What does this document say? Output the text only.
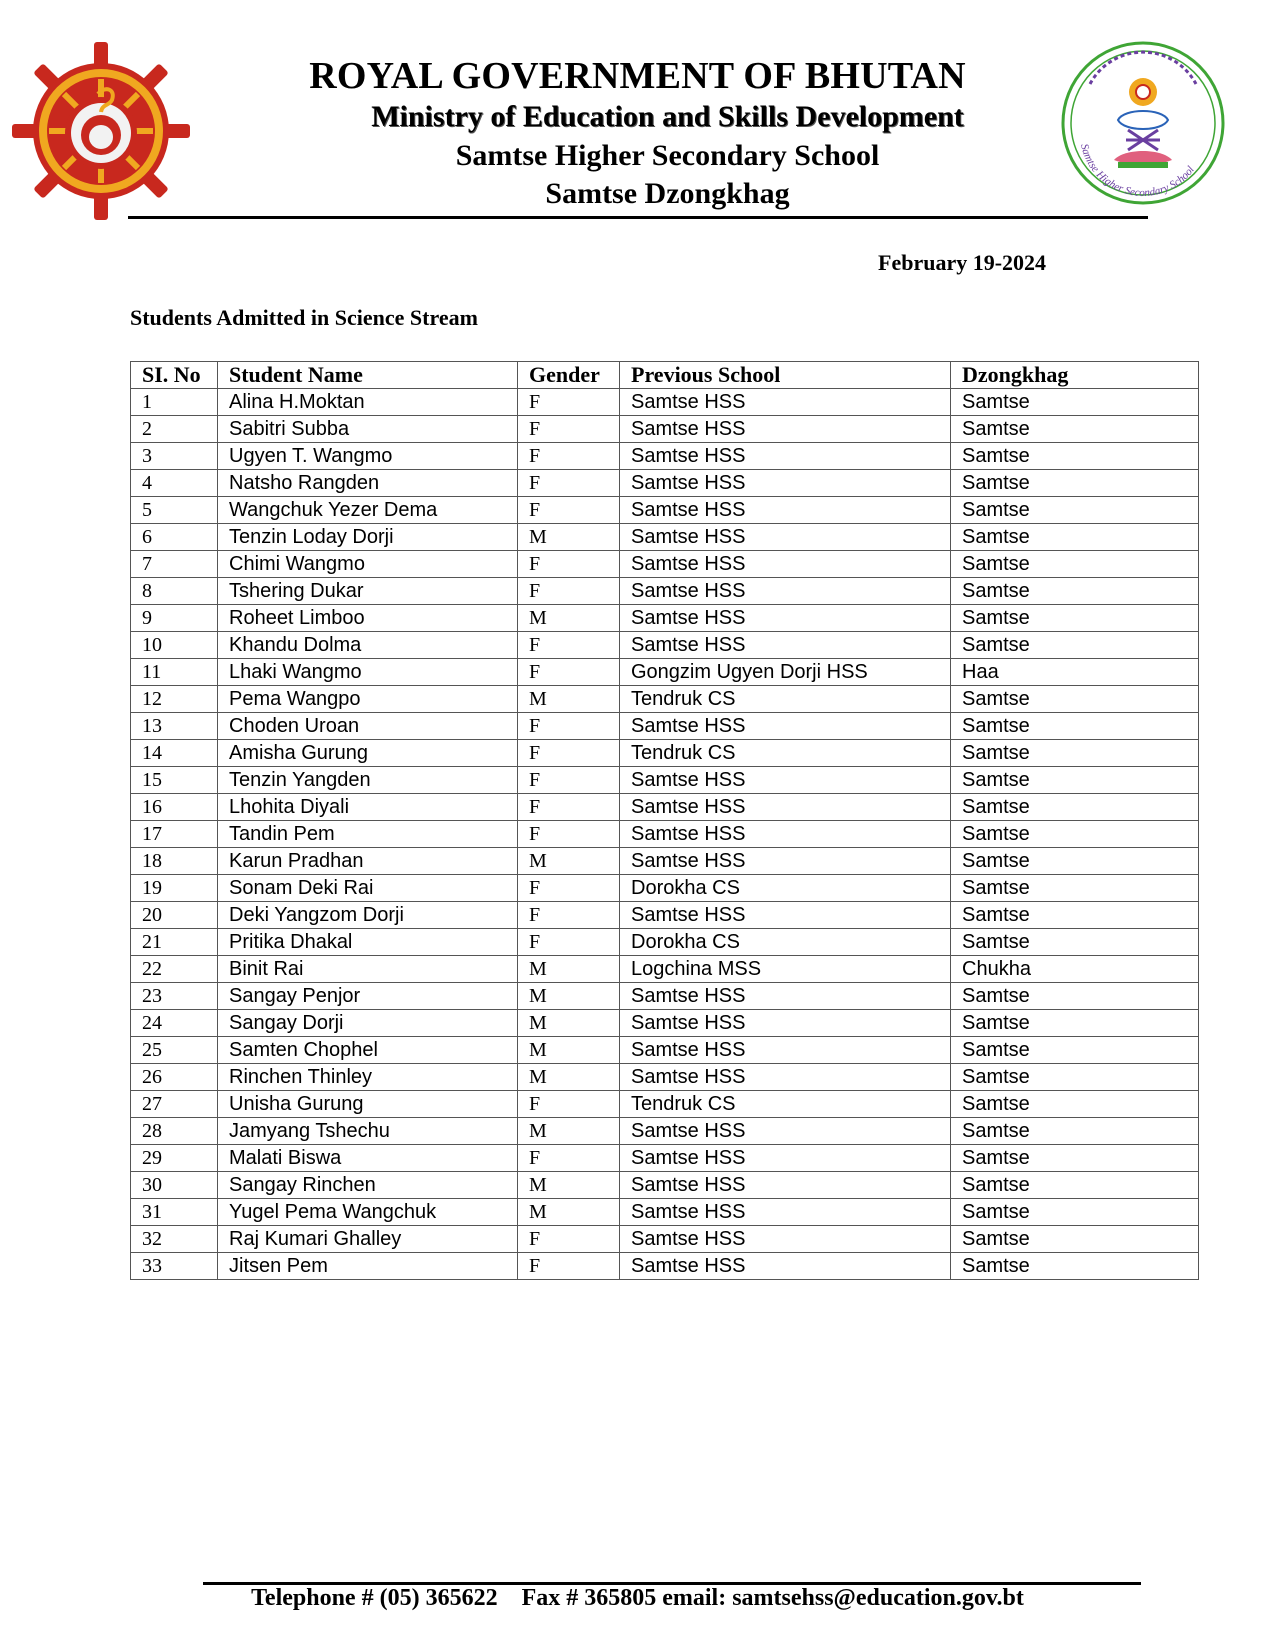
Samtse Higher Secondary School
ROYAL GOVERNMENT OF BHUTAN
Ministry of Education and Skills Development
Samtse Higher Secondary School
Samtse Dzongkhag
February 19-2024
Students Admitted in Science Stream
SI. No	Student Name	Gender	Previous School	Dzongkhag
1	Alina H.Moktan	F	Samtse HSS	Samtse
2	Sabitri Subba	F	Samtse HSS	Samtse
3	Ugyen T. Wangmo	F	Samtse HSS	Samtse
4	Natsho Rangden	F	Samtse HSS	Samtse
5	Wangchuk Yezer Dema	F	Samtse HSS	Samtse
6	Tenzin Loday Dorji	M	Samtse HSS	Samtse
7	Chimi Wangmo	F	Samtse HSS	Samtse
8	Tshering Dukar	F	Samtse HSS	Samtse
9	Roheet Limboo	M	Samtse HSS	Samtse
10	Khandu Dolma	F	Samtse HSS	Samtse
11	Lhaki Wangmo	F	Gongzim Ugyen Dorji HSS	Haa
12	Pema Wangpo	M	Tendruk CS	Samtse
13	Choden Uroan	F	Samtse HSS	Samtse
14	Amisha Gurung	F	Tendruk CS	Samtse
15	Tenzin Yangden	F	Samtse HSS	Samtse
16	Lhohita Diyali	F	Samtse HSS	Samtse
17	Tandin Pem	F	Samtse HSS	Samtse
18	Karun Pradhan	M	Samtse HSS	Samtse
19	Sonam Deki Rai	F	Dorokha CS	Samtse
20	Deki Yangzom Dorji	F	Samtse HSS	Samtse
21	Pritika Dhakal	F	Dorokha CS	Samtse
22	Binit Rai	M	Logchina MSS	Chukha
23	Sangay Penjor	M	Samtse HSS	Samtse
24	Sangay Dorji	M	Samtse HSS	Samtse
25	Samten Chophel	M	Samtse HSS	Samtse
26	Rinchen Thinley	M	Samtse HSS	Samtse
27	Unisha Gurung	F	Tendruk CS	Samtse
28	Jamyang Tshechu	M	Samtse HSS	Samtse
29	Malati Biswa	F	Samtse HSS	Samtse
30	Sangay Rinchen	M	Samtse HSS	Samtse
31	Yugel Pema Wangchuk	M	Samtse HSS	Samtse
32	Raj Kumari Ghalley	F	Samtse HSS	Samtse
33	Jitsen Pem	F	Samtse HSS	Samtse
Telephone # (05) 365622    Fax # 365805 email: samtsehss@education.gov.bt
